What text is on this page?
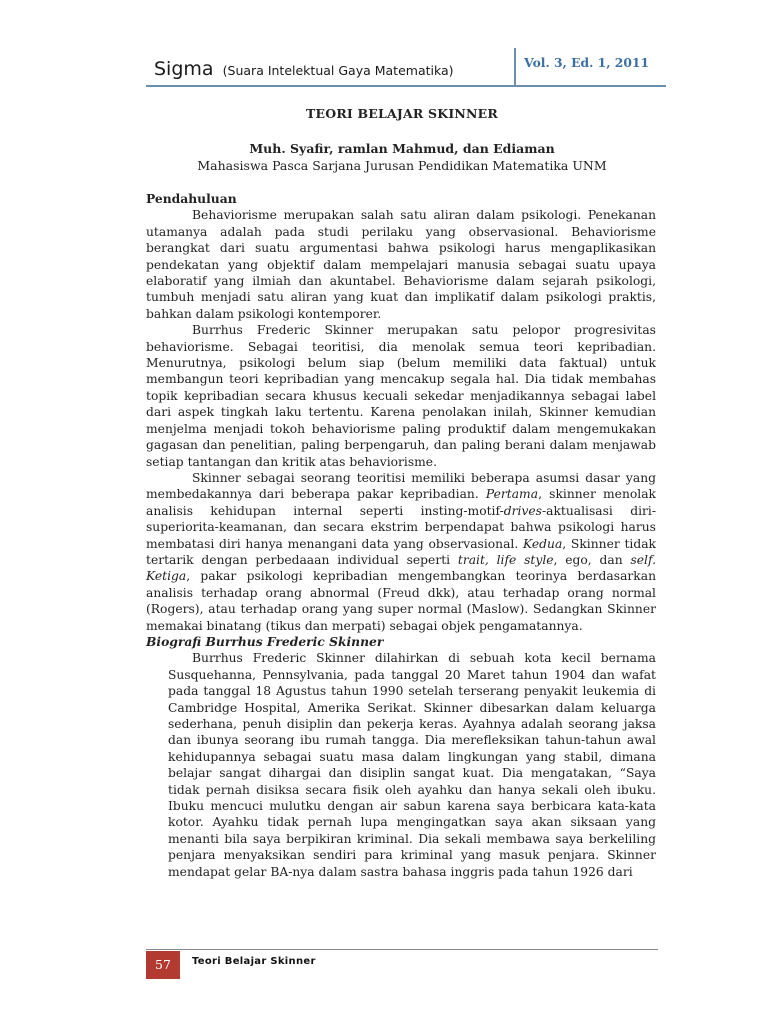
Sigma (Suara Intelektual Gaya Matematika)
Vol. 3, Ed. 1, 2011
TEORI BELAJAR SKINNER
Muh. Syafir, ramlan Mahmud, dan Ediaman
Mahasiswa Pasca Sarjana Jurusan Pendidikan Matematika UNM

Pendahuluan

Behaviorisme merupakan salah satu aliran dalam psikologi. Penekanan utamanya adalah pada studi perilaku yang observasional. Behaviorisme berangkat dari suatu argumentasi bahwa psikologi harus mengaplikasikan pendekatan yang objektif dalam mempelajari manusia sebagai suatu upaya elaboratif yang ilmiah dan akuntabel. Behaviorisme dalam sejarah psikologi, tumbuh menjadi satu aliran yang kuat dan implikatif dalam psikologi praktis, bahkan dalam psikologi kontemporer.

Burrhus Frederic Skinner merupakan satu pelopor progresivitas behaviorisme. Sebagai teoritisi, dia menolak semua teori kepribadian. Menurutnya, psikologi belum siap (belum memiliki data faktual) untuk membangun teori kepribadian yang mencakup segala hal. Dia tidak membahas topik kepribadian secara khusus kecuali sekedar menjadikannya sebagai label dari aspek tingkah laku tertentu. Karena penolakan inilah, Skinner kemudian menjelma menjadi tokoh behaviorisme paling produktif dalam mengemukakan gagasan dan penelitian, paling berpengaruh, dan paling berani dalam menjawab setiap tantangan dan kritik atas behaviorisme.

Skinner sebagai seorang teoritisi memiliki beberapa asumsi dasar yang membedakannya dari beberapa pakar kepribadian. Pertama, skinner menolak analisis kehidupan internal seperti insting-motif-drives-aktualisasi diri-superiorita-keamanan, dan secara ekstrim berpendapat bahwa psikologi harus membatasi diri hanya menangani data yang observasional. Kedua, Skinner tidak tertarik dengan perbedaaan individual seperti trait, life style, ego, dan self. Ketiga, pakar psikologi kepribadian mengembangkan teorinya berdasarkan analisis terhadap orang abnormal (Freud dkk), atau terhadap orang normal (Rogers), atau terhadap orang yang super normal (Maslow). Sedangkan Skinner memakai binatang (tikus dan merpati) sebagai objek pengamatannya.

Biografi Burrhus Frederic Skinner

Burrhus Frederic Skinner dilahirkan di sebuah kota kecil bernama Susquehanna, Pennsylvania, pada tanggal 20 Maret tahun 1904 dan wafat pada tanggal 18 Agustus tahun 1990 setelah terserang penyakit leukemia di Cambridge Hospital, Amerika Serikat. Skinner dibesarkan dalam keluarga sederhana, penuh disiplin dan pekerja keras. Ayahnya adalah seorang jaksa dan ibunya seorang ibu rumah tangga. Dia merefleksikan tahun-tahun awal kehidupannya sebagai suatu masa dalam lingkungan yang stabil, dimana belajar sangat dihargai dan disiplin sangat kuat. Dia mengatakan, “Saya tidak pernah disiksa secara fisik oleh ayahku dan hanya sekali oleh ibuku. Ibuku mencuci mulutku dengan air sabun karena saya berbicara kata-kata kotor. Ayahku tidak pernah lupa mengingatkan saya akan siksaan yang menanti bila saya berpikiran kriminal. Dia sekali membawa saya berkeliling penjara menyaksikan sendiri para kriminal yang masuk penjara. Skinner mendapat gelar BA-nya dalam sastra bahasa inggris pada tahun 1926 dari

57	Teori Belajar Skinner
